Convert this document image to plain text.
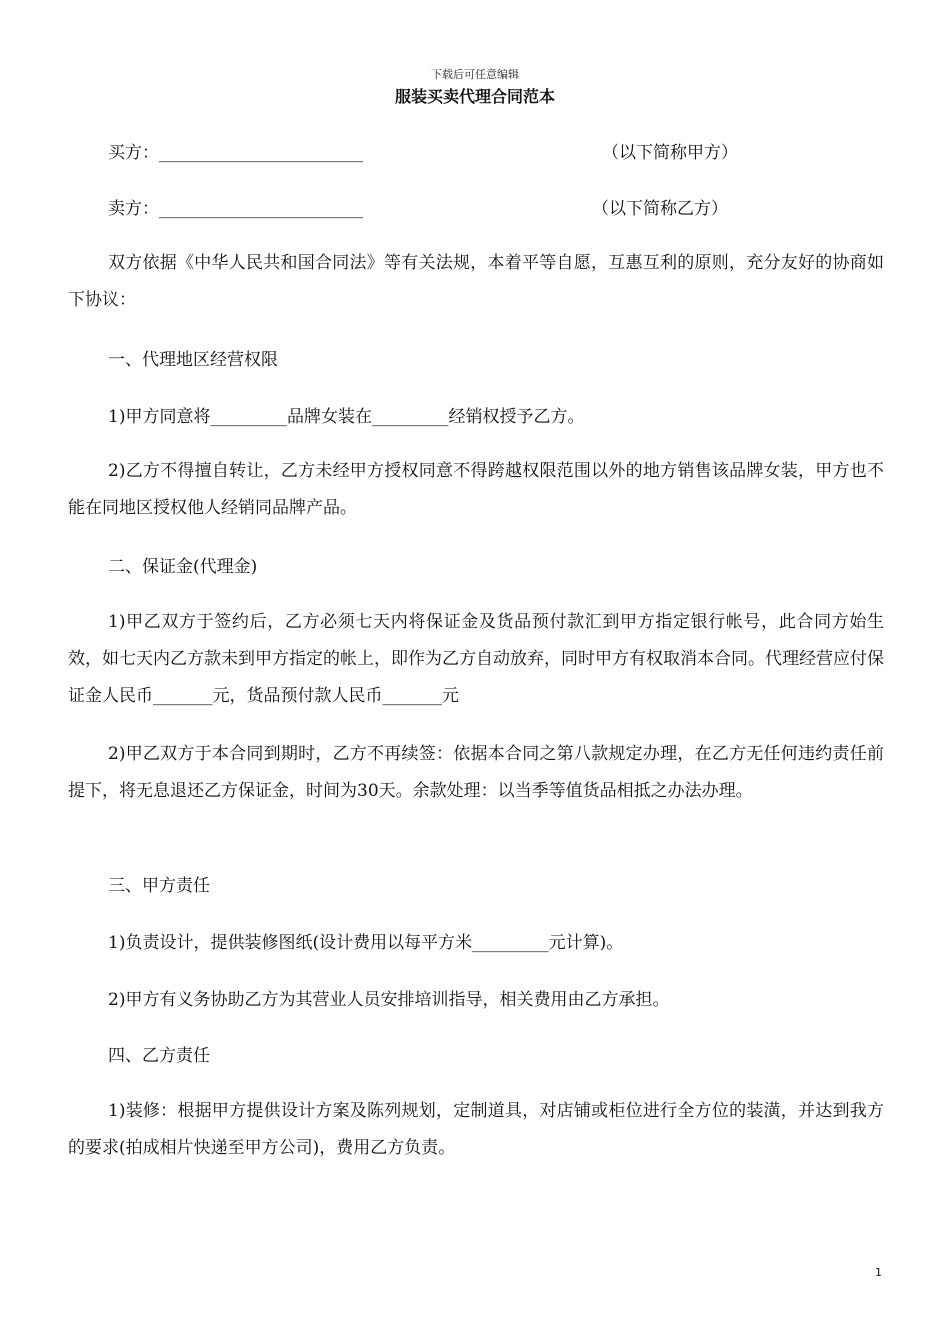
下载后可任意编辑
服装买卖代理合同范本
买方：________________________	（以下简称甲方）
卖方：________________________	（以下简称乙方）
双方依据《中华人民共和国合同法》等有关法规，本着平等自愿，互惠互利的原则，充分友好的协商如下协议：
一、代理地区经营权限
1)甲方同意将_________品牌女装在_________经销权授予乙方。
2)乙方不得擅自转让，乙方未经甲方授权同意不得跨越权限范围以外的地方销售该品牌女装，甲方也不能在同地区授权他人经销同品牌产品。
二、保证金(代理金)
1)甲乙双方于签约后，乙方必须七天内将保证金及货品预付款汇到甲方指定银行帐号，此合同方始生效，如七天内乙方款未到甲方指定的帐上，即作为乙方自动放弃，同时甲方有权取消本合同。代理经营应付保证金人民币_______元，货品预付款人民币_______元
2)甲乙双方于本合同到期时，乙方不再续签：依据本合同之第八款规定办理，在乙方无任何违约责任前提下，将无息退还乙方保证金，时间为30天。余款处理：以当季等值货品相抵之办法办理。
三、甲方责任
1)负责设计，提供装修图纸(设计费用以每平方米_________元计算)。
2)甲方有义务协助乙方为其营业人员安排培训指导，相关费用由乙方承担。
四、乙方责任
1)装修：根据甲方提供设计方案及陈列规划，定制道具，对店铺或柜位进行全方位的装潢，并达到我方的要求(拍成相片快递至甲方公司)，费用乙方负责。
1
